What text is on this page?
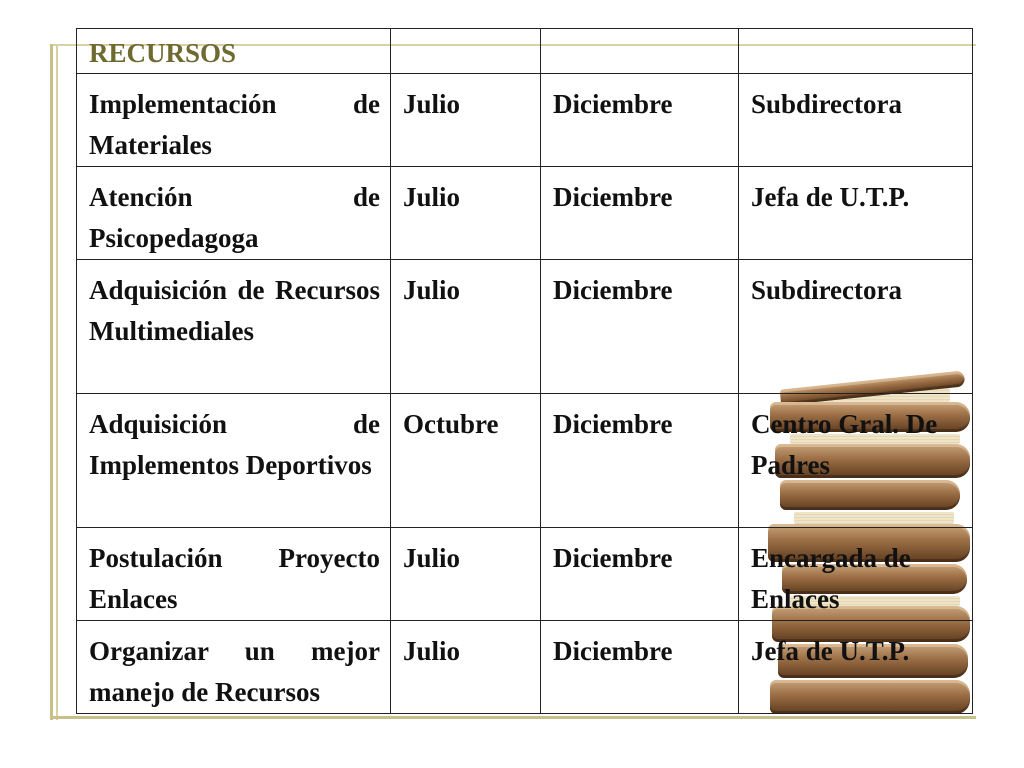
RECURSOS			
Implementación de Materiales	Julio	Diciembre	Subdirectora
Atención de Psicopedagoga	Julio	Diciembre	Jefa de U.T.P.
Adquisición de Recursos Multimediales	Julio	Diciembre	Subdirectora
Adquisición de Implementos Deportivos	Octubre	Diciembre	Centro Gral. De Padres
Postulación Proyecto Enlaces	Julio	Diciembre	Encargada de Enlaces
Organizar un mejor manejo de Recursos	Julio	Diciembre	Jefa de U.T.P.
